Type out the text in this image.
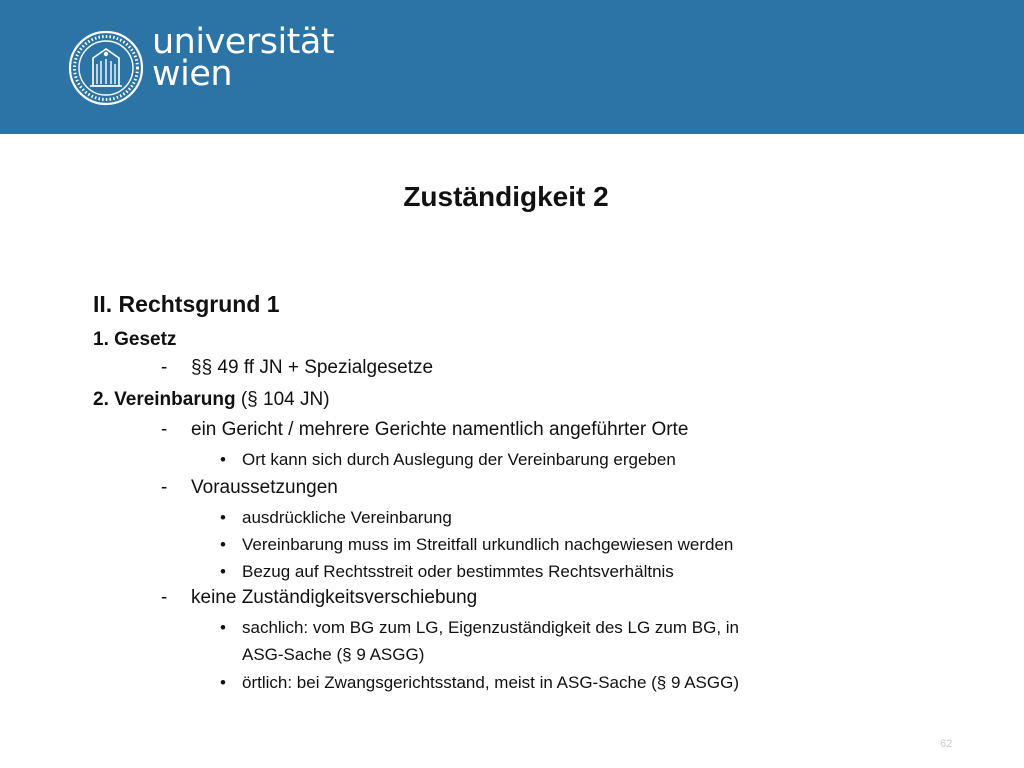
universität
wien
Zuständigkeit 2
II. Rechtsgrund 1
1. Gesetz
- §§ 49 ff JN + Spezialgesetze
2. Vereinbarung (§ 104 JN)
- ein Gericht / mehrere Gerichte namentlich angeführter Orte
• Ort kann sich durch Auslegung der Vereinbarung ergeben
- Voraussetzungen
• ausdrückliche Vereinbarung
• Vereinbarung muss im Streitfall urkundlich nachgewiesen werden
• Bezug auf Rechtsstreit oder bestimmtes Rechtsverhältnis
- keine Zuständigkeitsverschiebung
• sachlich: vom BG zum LG, Eigenzuständigkeit des LG zum BG, in
ASG-Sache (§ 9 ASGG)
• örtlich: bei Zwangsgerichtsstand, meist in ASG-Sache (§ 9 ASGG)
62
